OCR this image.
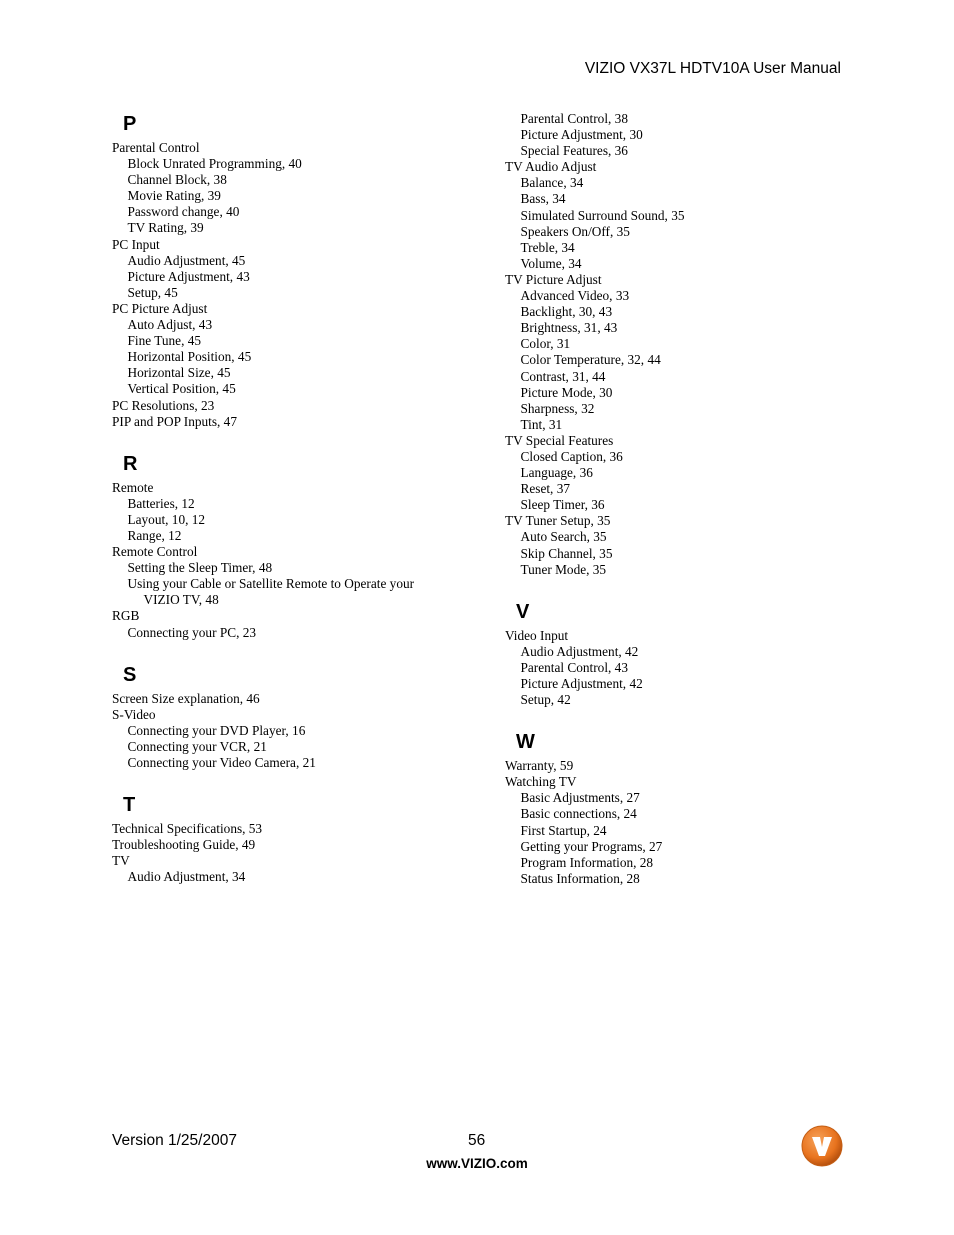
VIZIO VX37L HDTV10A User Manual
P
Parental Control
Block Unrated Programming, 40
Channel Block, 38
Movie Rating, 39
Password change, 40
TV Rating, 39
PC Input
Audio Adjustment, 45
Picture Adjustment, 43
Setup, 45
PC Picture Adjust
Auto Adjust, 43
Fine Tune, 45
Horizontal Position, 45
Horizontal Size, 45
Vertical Position, 45
PC Resolutions, 23
PIP and POP Inputs, 47
R
Remote
Batteries, 12
Layout, 10, 12
Range, 12
Remote Control
Setting the Sleep Timer, 48
Using your Cable or Satellite Remote to Operate your VIZIO TV, 48
RGB
Connecting your PC, 23
S
Screen Size explanation, 46
S-Video
Connecting your DVD Player, 16
Connecting your VCR, 21
Connecting your Video Camera, 21
T
Technical Specifications, 53
Troubleshooting Guide, 49
TV
Audio Adjustment, 34
Parental Control, 38
Picture Adjustment, 30
Special Features, 36
TV Audio Adjust
Balance, 34
Bass, 34
Simulated Surround Sound, 35
Speakers On/Off, 35
Treble, 34
Volume, 34
TV Picture Adjust
Advanced Video, 33
Backlight, 30, 43
Brightness, 31, 43
Color, 31
Color Temperature, 32, 44
Contrast, 31, 44
Picture Mode, 30
Sharpness, 32
Tint, 31
TV Special Features
Closed Caption, 36
Language, 36
Reset, 37
Sleep Timer, 36
TV Tuner Setup, 35
Auto Search, 35
Skip Channel, 35
Tuner Mode, 35
V
Video Input
Audio Adjustment, 42
Parental Control, 43
Picture Adjustment, 42
Setup, 42
W
Warranty, 59
Watching TV
Basic Adjustments, 27
Basic connections, 24
First Startup, 24
Getting your Programs, 27
Program Information, 28
Status Information, 28
Version 1/25/2007	56
www.VIZIO.com
